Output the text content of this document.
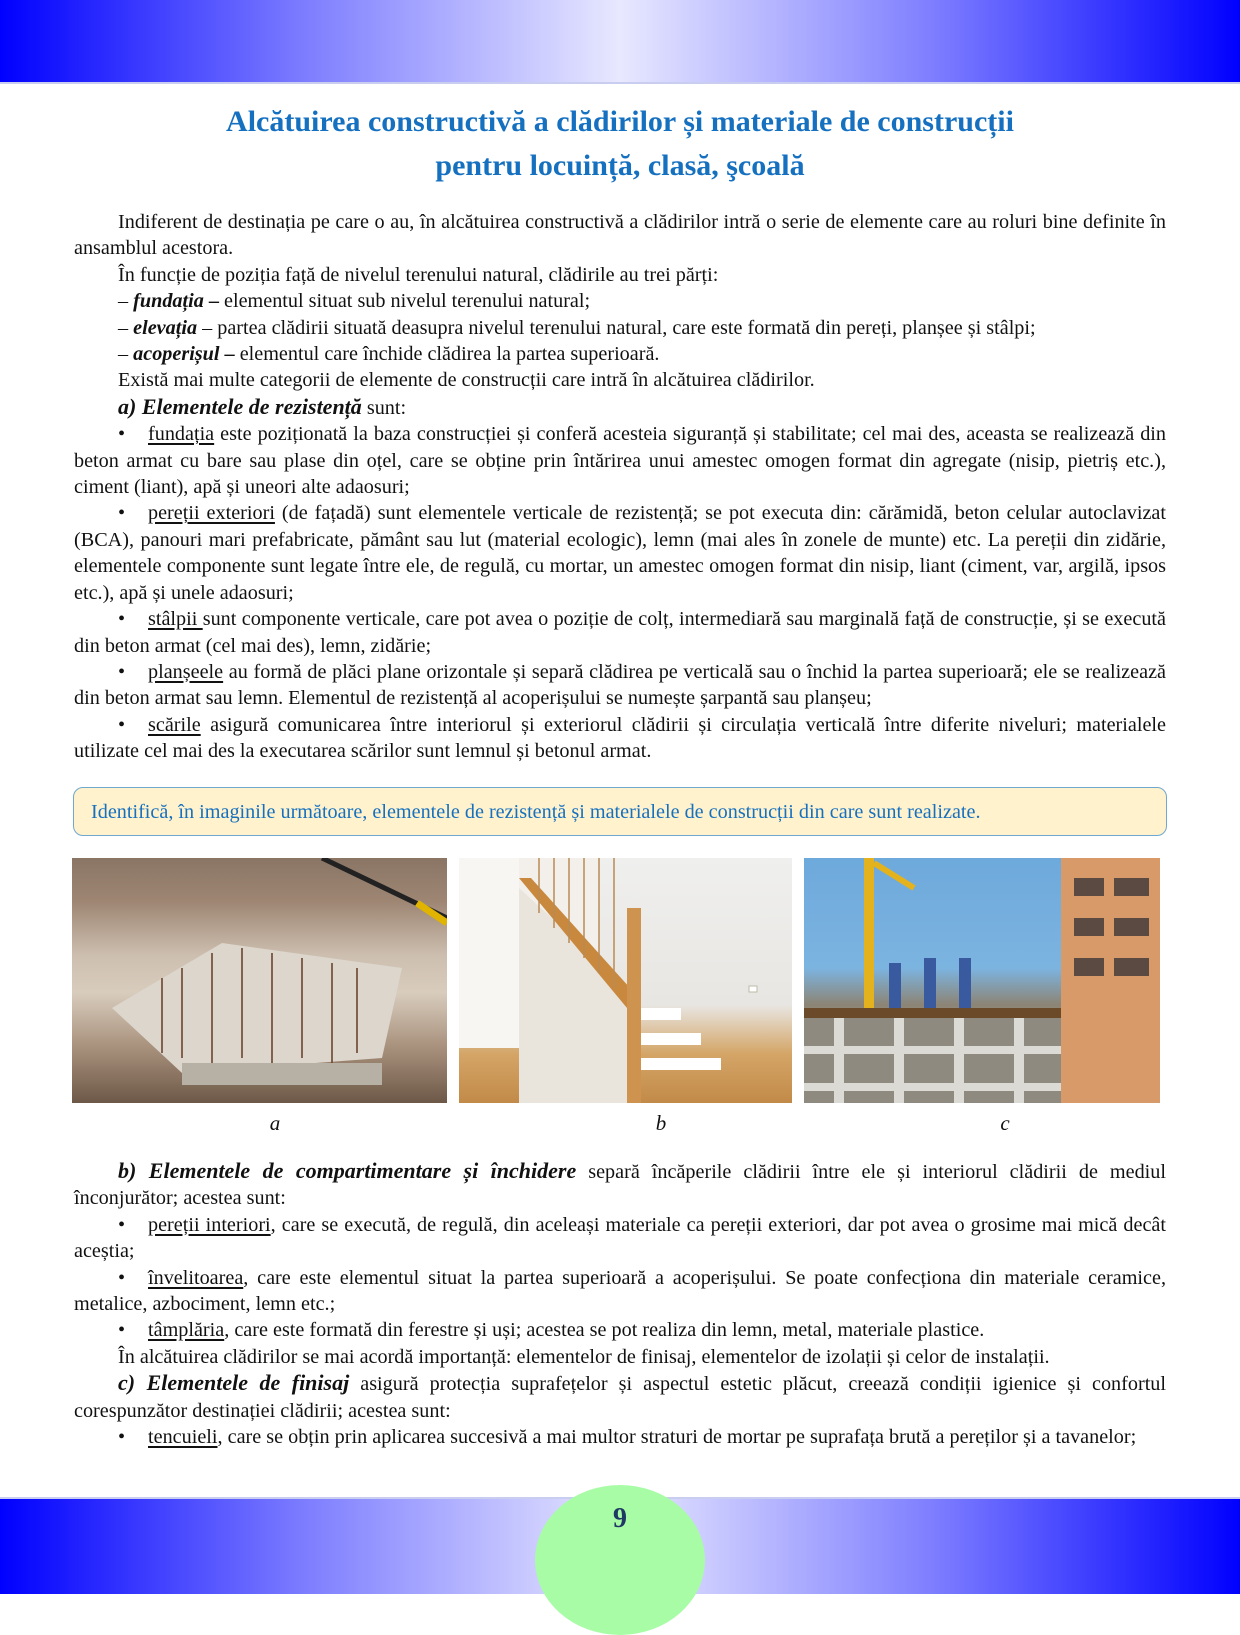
Alcătuirea constructivă a clădirilor și materiale de construcții
pentru locuință, clasă, şcoală

Indiferent de destinația pe care o au, în alcătuirea constructivă a clădirilor intră o serie de elemente care au roluri bine definite în ansamblul acestora.

În funcție de poziția față de nivelul terenului natural, clădirile au trei părți:

– fundația – elementul situat sub nivelul terenului natural;

– elevația – partea clădirii situată deasupra nivelul terenului natural, care este formată din pereți, planșee și stâlpi;

– acoperișul – elementul care închide clădirea la partea superioară.

Există mai multe categorii de elemente de construcții care intră în alcătuirea clădirilor.

a) Elementele de rezistență sunt:

• fundația este poziționată la baza construcției și conferă acesteia siguranță și stabilitate; cel mai des, aceasta se realizează din beton armat cu bare sau plase din oțel, care se obține prin întărirea unui amestec omogen format din agregate (nisip, pietriș etc.), ciment (liant), apă și uneori alte adaosuri;

• pereții exteriori (de fațadă) sunt elementele verticale de rezistență; se pot executa din: cărămidă, beton celular autoclavizat (BCA), panouri mari prefabricate, pământ sau lut (material ecologic), lemn (mai ales în zonele de munte) etc. La pereții din zidărie, elementele componente sunt legate între ele, de regulă, cu mortar, un amestec omogen format din nisip, liant (ciment, var, argilă, ipsos etc.), apă și unele adaosuri;

• stâlpii sunt componente verticale, care pot avea o poziție de colț, intermediară sau marginală față de construcție, și se execută din beton armat (cel mai des), lemn, zidărie;

• planșeele au formă de plăci plane orizontale și separă clădirea pe verticală sau o închid la partea superioară; ele se realizează din beton armat sau lemn. Elementul de rezistență al acoperișului se numește șarpantă sau planșeu;

• scările asigură comunicarea între interiorul și exteriorul clădirii și circulația verticală între diferite niveluri; materialele utilizate cel mai des la executarea scărilor sunt lemnul și betonul armat.

Identifică, în imaginile următoare, elementele de rezistență și materialele de construcții din care sunt realizate.
a	b	c

b) Elementele de compartimentare și închidere separă încăperile clădirii între ele și interiorul clădirii de mediul înconjurător; acestea sunt:

• pereții interiori, care se execută, de regulă, din aceleași materiale ca pereții exteriori, dar pot avea o grosime mai mică decât aceștia;

• învelitoarea, care este elementul situat la partea superioară a acoperișului. Se poate confecționa din materiale ceramice, metalice, azbociment, lemn etc.;

• tâmplăria, care este formată din ferestre și uși; acestea se pot realiza din lemn, metal, materiale plastice.

În alcătuirea clădirilor se mai acordă importanță: elementelor de finisaj, elementelor de izolații și celor de instalații.

c) Elementele de finisaj asigură protecția suprafețelor și aspectul estetic plăcut, creează condiții igienice și confortul corespunzător destinației clădirii; acestea sunt:

• tencuieli, care se obțin prin aplicarea succesivă a mai multor straturi de mortar pe suprafața brută a pereților și a tavanelor;

9
